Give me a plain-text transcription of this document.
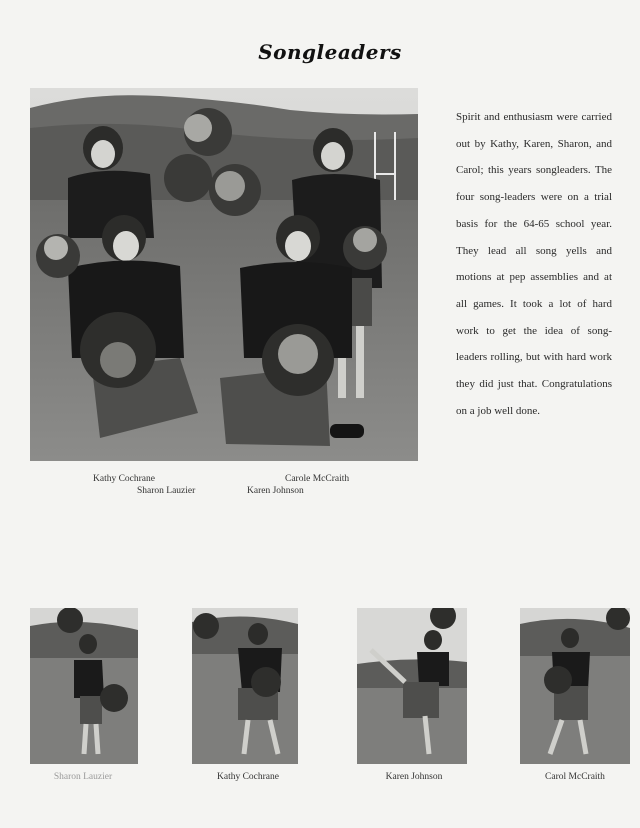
Songleaders

Spirit and enthusiasm were carried out by Kathy, Karen, Sharon, and Carol; this years songleaders. The four song-leaders were on a trial basis for the 64-65 school year. They lead all song yells and motions at pep assemblies and at all games. It took a lot of hard work to get the idea of song-leaders rolling, but with hard work they did just that. Congratulations on a job well done.

Kathy Cochrane
Sharon Lauzier
Carole McCraith
Karen Johnson
Sharon Lauzier	Kathy Cochrane	Karen Johnson	Carol McCraith
